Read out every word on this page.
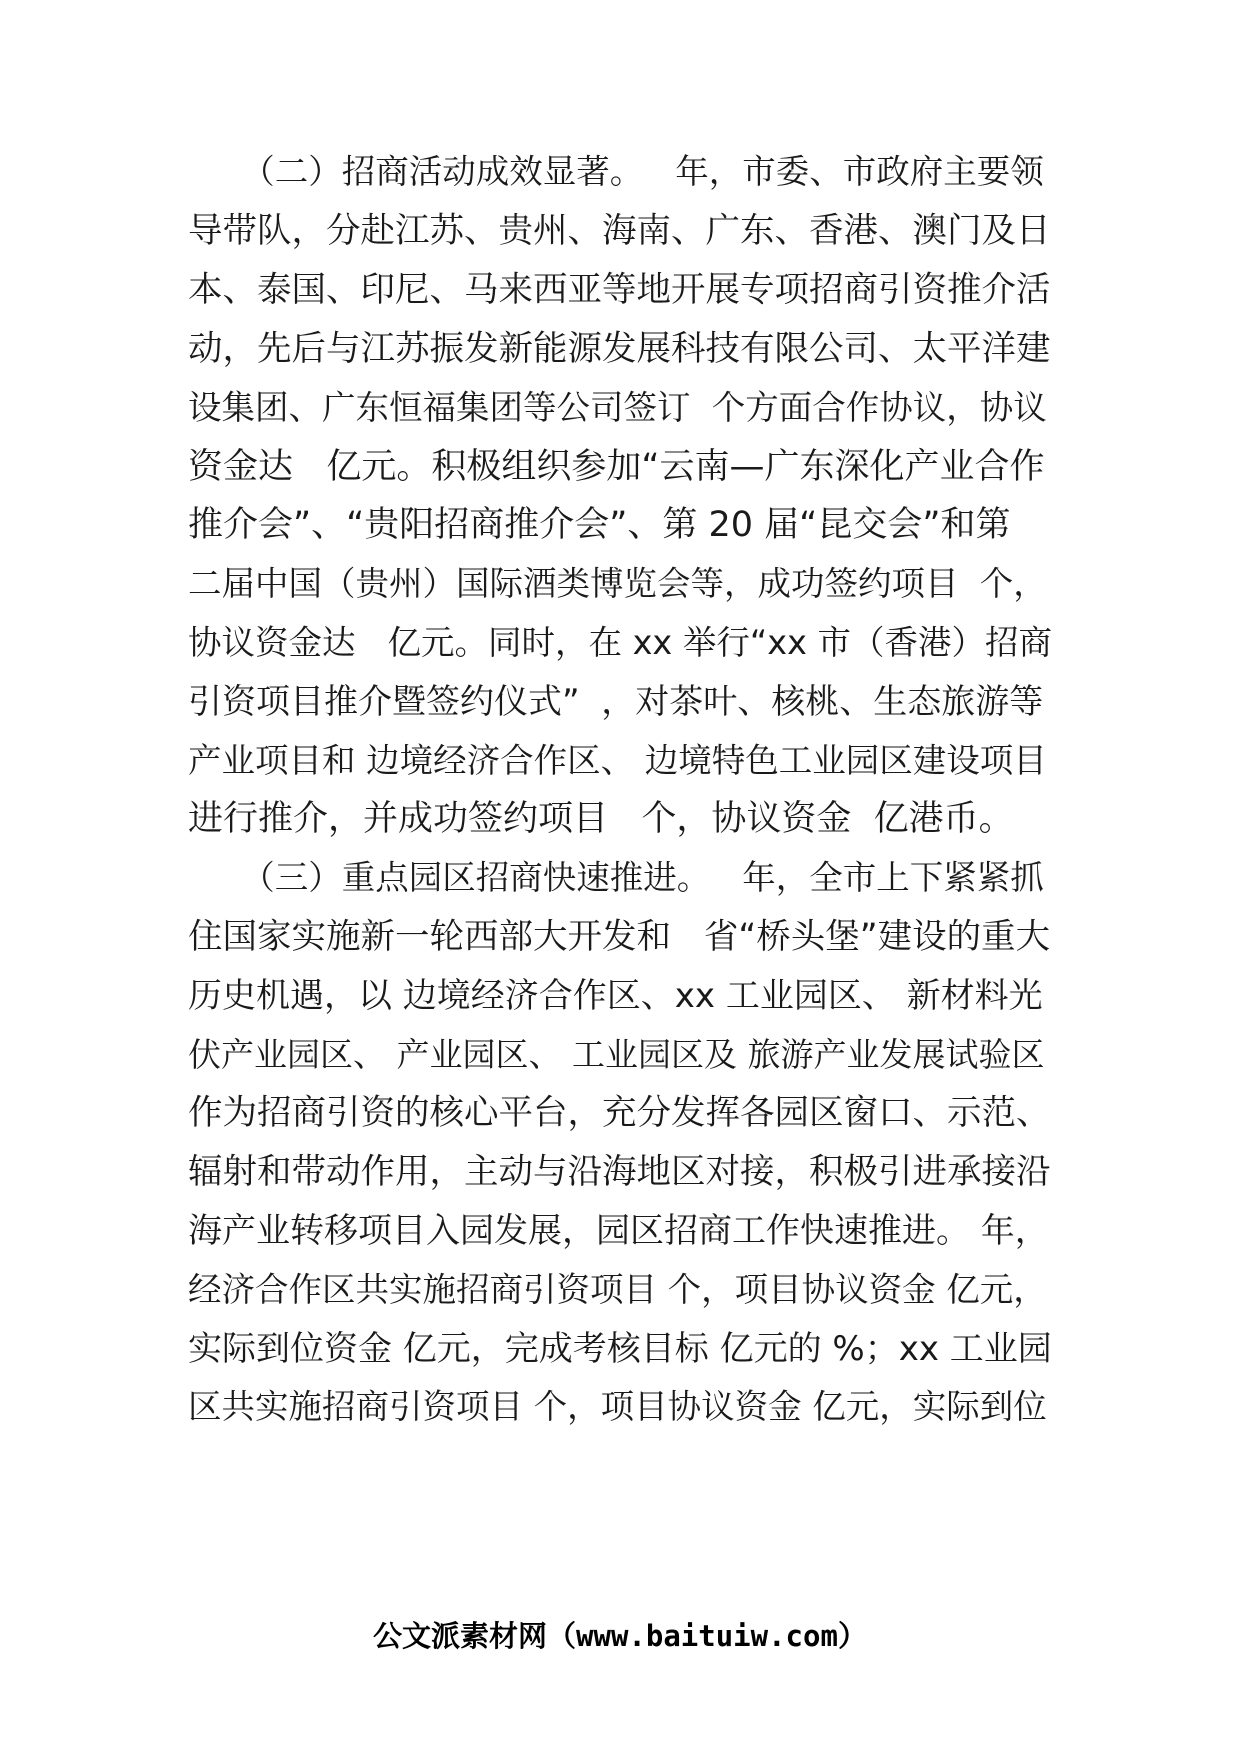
（二）招商活动成效显著。   年，市委、市政府主要领
导带队，分赴江苏、贵州、海南、广东、香港、澳门及日
本、泰国、印尼、马来西亚等地开展专项招商引资推介活
动，先后与江苏振发新能源发展科技有限公司、太平洋建
设集团、广东恒福集团等公司签订  个方面合作协议，协议
资金达   亿元。积极组织参加“云南—广东深化产业合作
推介会”、“贵阳招商推介会”、第 20 届“昆交会”和第
二届中国（贵州）国际酒类博览会等，成功签约项目  个，
协议资金达   亿元。同时，在 xx 举行“xx 市（香港）招商
引资项目推介暨签约仪式”  ，对茶叶、核桃、生态旅游等
产业项目和 边境经济合作区、 边境特色工业园区建设项目
进行推介，并成功签约项目   个，协议资金  亿港币。
（三）重点园区招商快速推进。   年，全市上下紧紧抓
住国家实施新一轮西部大开发和   省“桥头堡”建设的重大
历史机遇，以 边境经济合作区、xx 工业园区、 新材料光
伏产业园区、 产业园区、 工业园区及 旅游产业发展试验区
作为招商引资的核心平台，充分发挥各园区窗口、示范、
辐射和带动作用，主动与沿海地区对接，积极引进承接沿
海产业转移项目入园发展，园区招商工作快速推进。 年，
经济合作区共实施招商引资项目 个，项目协议资金 亿元，
实际到位资金 亿元，完成考核目标 亿元的 %；xx 工业园
区共实施招商引资项目 个，项目协议资金 亿元，实际到位
公文派素材网（www.baituiw.com）
